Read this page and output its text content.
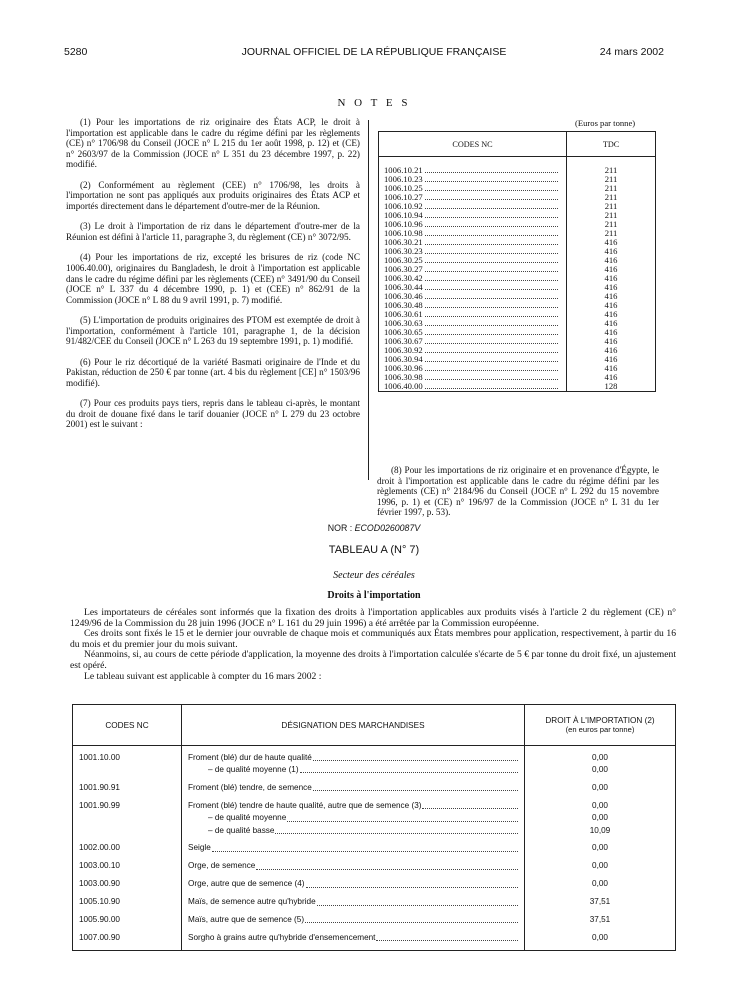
5280	JOURNAL OFFICIEL DE LA RÉPUBLIQUE FRANÇAISE	24 mars 2002
N O T E S

(1) Pour les importations de riz originaire des États ACP, le droit à l'importation est applicable dans le cadre du régime défini par les règlements (CE) n° 1706/98 du Conseil (JOCE n° L 215 du 1er août 1998, p. 12) et (CE) n° 2603/97 de la Commission (JOCE n° L 351 du 23 décembre 1997, p. 22) modifié.

(2) Conformément au règlement (CEE) n° 1706/98, les droits à l'importation ne sont pas appliqués aux produits originaires des États ACP et importés directement dans le département d'outre-mer de la Réunion.

(3) Le droit à l'importation de riz dans le département d'outre-mer de la Réunion est défini à l'article 11, paragraphe 3, du règlement (CE) n° 3072/95.

(4) Pour les importations de riz, excepté les brisures de riz (code NC 1006.40.00), originaires du Bangladesh, le droit à l'importation est applicable dans le cadre du régime défini par les règlements (CEE) n° 3491/90 du Conseil (JOCE n° L 337 du 4 décembre 1990, p. 1) et (CEE) n° 862/91 de la Commission (JOCE n° L 88 du 9 avril 1991, p. 7) modifié.

(5) L'importation de produits originaires des PTOM est exemptée de droit à l'importation, conformément à l'article 101, paragraphe 1, de la décision 91/482/CEE du Conseil (JOCE n° L 263 du 19 septembre 1991, p. 1) modifié.

(6) Pour le riz décortiqué de la variété Basmati originaire de l'Inde et du Pakistan, réduction de 250 € par tonne (art. 4 bis du règlement [CE] n° 1503/96 modifié).

(7) Pour ces produits pays tiers, repris dans le tableau ci-après, le montant du droit de douane fixé dans le tarif douanier (JOCE n° L 279 du 23 octobre 2001) est le suivant :

(Euros par tonne)
CODES NC	TDC

1006.10.21	211

1006.10.23	211

1006.10.25	211

1006.10.27	211

1006.10.92	211

1006.10.94	211

1006.10.96	211

1006.10.98	211

1006.30.21	416

1006.30.23	416

1006.30.25	416

1006.30.27	416

1006.30.42	416

1006.30.44	416

1006.30.46	416

1006.30.48	416

1006.30.61	416

1006.30.63	416

1006.30.65	416

1006.30.67	416

1006.30.92	416

1006.30.94	416

1006.30.96	416

1006.30.98	416

1006.40.00	128
(8) Pour les importations de riz originaire et en provenance d'Égypte, le droit à l'importation est applicable dans le cadre du régime défini par les règlements (CE) n° 2184/96 du Conseil (JOCE n° L 292 du 15 novembre 1996, p. 1) et (CE) n° 196/97 de la Commission (JOCE n° L 31 du 1er février 1997, p. 53).
NOR : ECOD0260087V
TABLEAU A (N° 7)
Secteur des céréales
Droits à l'importation

Les importateurs de céréales sont informés que la fixation des droits à l'importation applicables aux produits visés à l'article 2 du règlement (CE) n° 1249/96 de la Commission du 28 juin 1996 (JOCE n° L 161 du 29 juin 1996) a été arrêtée par la Commission européenne.

Ces droits sont fixés le 15 et le dernier jour ouvrable de chaque mois et communiqués aux États membres pour application, respectivement, à partir du 16 du mois et du premier jour du mois suivant.

Néanmoins, si, au cours de cette période d'application, la moyenne des droits à l'importation calculée s'écarte de 5 € par tonne du droit fixé, un ajustement est opéré.

Le tableau suivant est applicable à compter du 16 mars 2002 :

CODES NC	DÉSIGNATION DES MARCHANDISES	DROIT À L'IMPORTATION (2)
(en euros par tonne)

1001.10.00	Froment (blé) dur de haute qualité	0,00

	– de qualité moyenne (1)	0,00

1001.90.91	Froment (blé) tendre, de semence	0,00

1001.90.99	Froment (blé) tendre de haute qualité, autre que de semence (3)	0,00

	– de qualité moyenne	0,00

	– de qualité basse	10,09

1002.00.00	Seigle	0,00

1003.00.10	Orge, de semence	0,00

1003.00.90	Orge, autre que de semence (4)	0,00

1005.10.90	Maïs, de semence autre qu'hybride	37,51

1005.90.00	Maïs, autre que de semence (5)	37,51

1007.00.90	Sorgho à grains autre qu'hybride d'ensemencement	0,00
